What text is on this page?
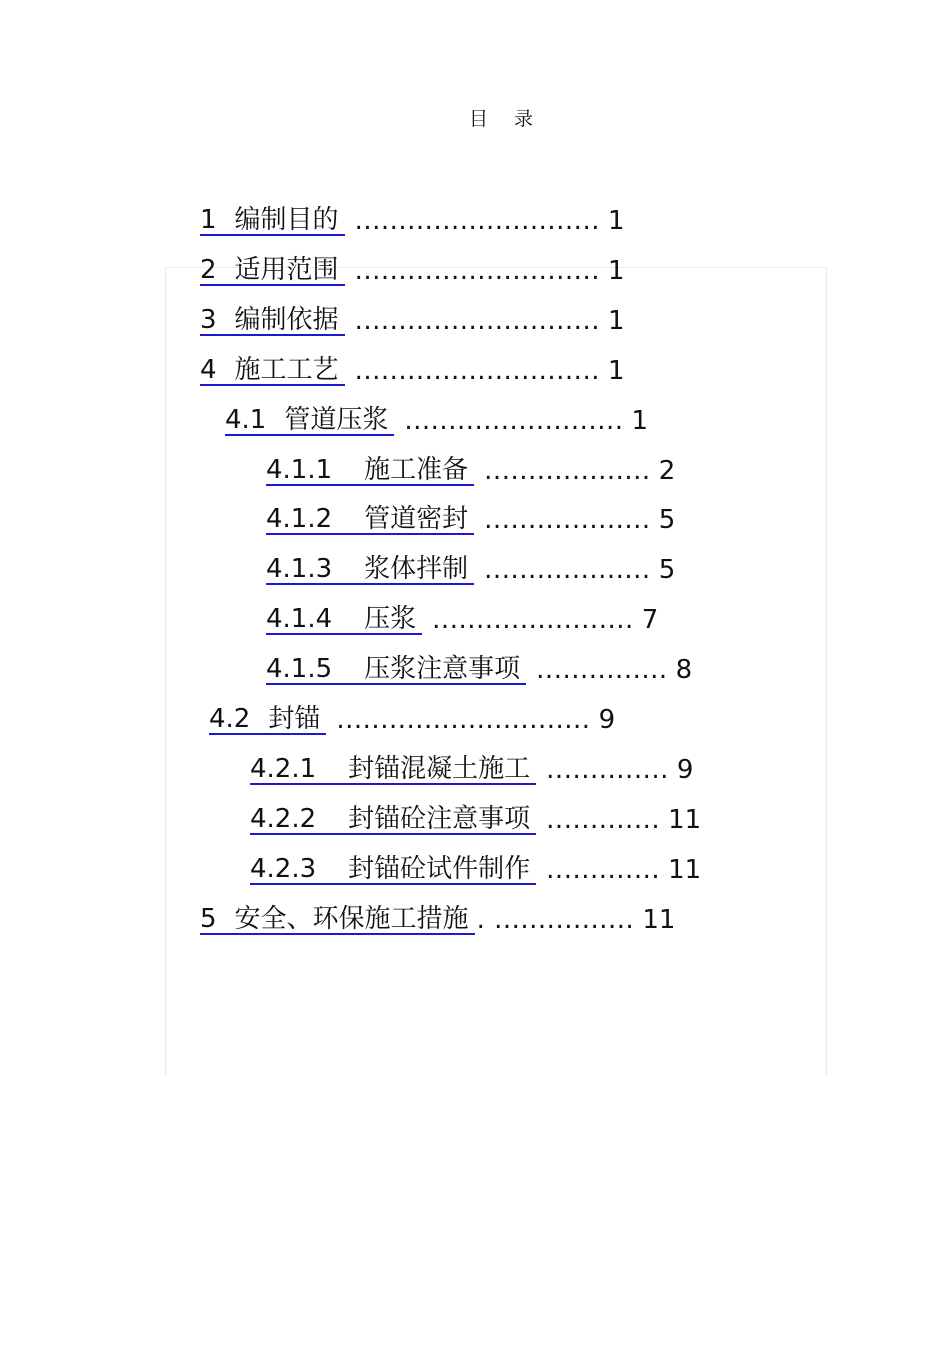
目 录
1 编制目的 ............................ 1
2 适用范围 ............................ 1
3 编制依据 ............................ 1
4 施工工艺 ............................ 1
4.1 管道压浆 ......................... 1
4.1.1 施工准备 ................... 2
4.1.2 管道密封 ................... 5
4.1.3 浆体拌制 ................... 5
4.1.4 压浆 ....................... 7
4.1.5 压浆注意事项 ............... 8
4.2 封锚 ............................. 9
4.2.1 封锚混凝土施工 .............. 9
4.2.2 封锚砼注意事项 ............. 11
4.2.3 封锚砼试件制作 ............. 11
5 安全、环保施工措施 . ................ 11
